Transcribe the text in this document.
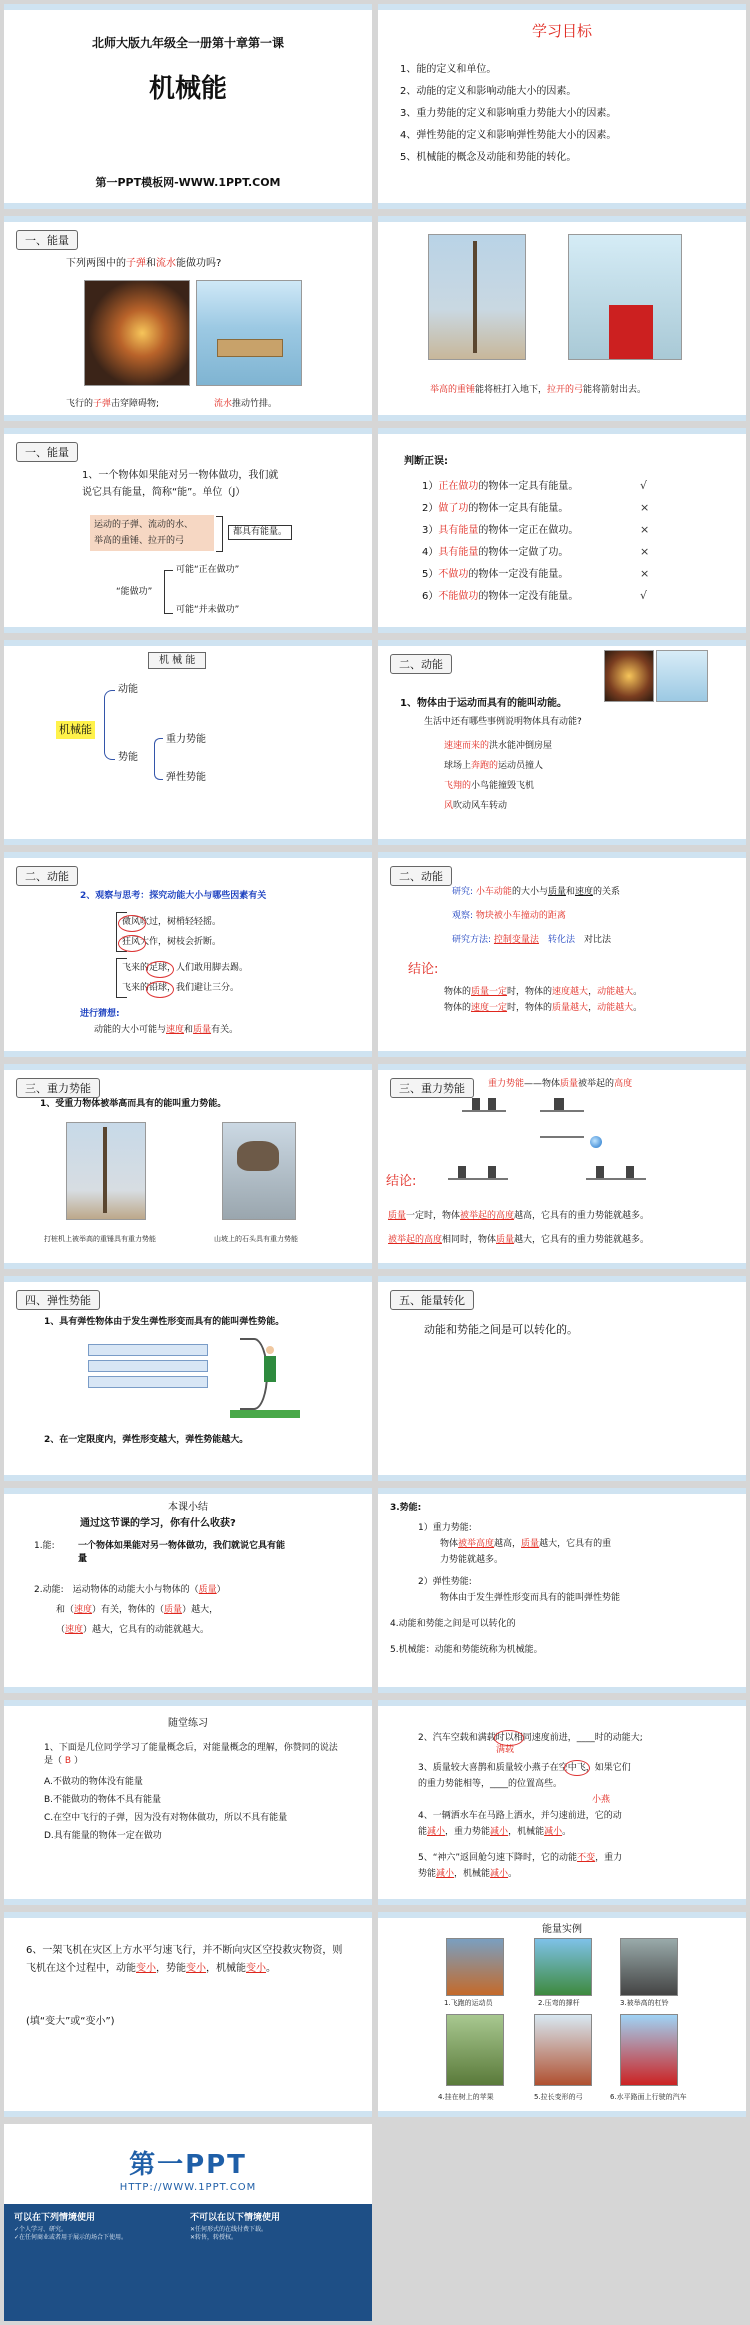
北师大版九年级全一册第十章第一课
机械能
第一PPT模板网-WWW.1PPT.COM
学习目标
1、能的定义和单位。
2、动能的定义和影响动能大小的因素。
3、重力势能的定义和影响重力势能大小的因素。
4、弹性势能的定义和影响弹性势能大小的因素。
5、机械能的概念及动能和势能的转化。
一、能量
下列两图中的子弹和流水能做功吗?
飞行的子弹击穿障碍物;	流水推动竹排。
举高的重锤能将桩打入地下，拉开的弓能将箭射出去。
一、能量
1、一个物体如果能对另一物体做功，我们就
说它具有能量，简称“能”。单位（J）
运动的子弹、流动的水、
举高的重锤、拉开的弓
都具有能量。
“能做功”
可能“正在做功”
可能“并未做功”
判断正误:
1）正在做功的物体一定具有能量。	√
2）做了功的物体一定具有能量。	×
3）具有能量的物体一定正在做功。	×
4）具有能量的物体一定做了功。	×
5）不做功的物体一定没有能量。	×
6）不能做功的物体一定没有能量。	√
机 械 能
机械能
动能
势能
重力势能
弹性势能
二、动能
1、物体由于运动而具有的能叫动能。
生活中还有哪些事例说明物体具有动能?
速速而来的洪水能冲倒房屋
球场上奔跑的运动员撞人
飞翔的小鸟能撞毁飞机
风吹动风车转动
二、动能
2、观察与思考：探究动能大小与哪些因素有关
微风吹过，树梢轻轻摇。
狂风大作，树枝会折断。
飞来的足球，人们敢用脚去踢。
飞来的铅球，我们避让三分。
进行猜想:
动能的大小可能与速度和质量有关。
二、动能
研究: 小车动能的大小与质量和速度的关系
观察: 物块被小车撞动的距离
研究方法: 控制变量法　 转化法　 对比法
结论:
物体的质量一定时，物体的速度越大，动能越大。
物体的速度一定时，物体的质量越大，动能越大。
三、重力势能
1、受重力物体被举高而具有的能叫重力势能。
打桩机上被举高的重锤具有重力势能	山坡上的石头具有重力势能
三、重力势能	重力势能——物体质量被举起的高度
结论:
质量一定时，物体被举起的高度越高，它具有的重力势能就越多。
被举起的高度相同时，物体质量越大，它具有的重力势能就越多。
四、弹性势能
1、具有弹性物体由于发生弹性形变而具有的能叫弹性势能。
2、在一定限度内，弹性形变越大，弹性势能越大。
五、能量转化
动能和势能之间是可以转化的。
本课小结
通过这节课的学习，你有什么收获?
1.能:	一个物体如果能对另一物体做功，我们就说它具有能量
2.动能:　 运动物体的动能大小与物体的（质量）
和（速度）有关，物体的（质量）越大，
（速度）越大，它具有的动能就越大。
3.势能:
1）重力势能:
物体被举高度越高，质量越大，它具有的重
力势能就越多。
2）弹性势能:
物体由于发生弹性形变而具有的能叫弹性势能
4.动能和势能之间是可以转化的
5.机械能：动能和势能统称为机械能。
随堂练习
1、下面是几位同学学习了能量概念后，对能量概念的理解，你赞同的说法是（ B ）
A.不做功的物体没有能量
B.不能做功的物体不具有能量
C.在空中飞行的子弹，因为没有对物体做功，所以不具有能量
D.具有能量的物体一定在做功
2、汽车空载和满载时以相同速度前进，____时的动能大;
满载
3、质量较大喜鹊和质量较小燕子在空中飞，如果它们
的重力势能相等，____的位置高些。
小燕
4、一辆洒水车在马路上洒水，并匀速前进，它的动
能减小，重力势能减小，机械能减小。
5、“神六”返回舱匀速下降时，它的动能不变，重力
势能减小，机械能减小。
6、一架飞机在灾区上方水平匀速飞行，并不断向灾区空投救灾物资，则飞机在这个过程中，动能变小，势能变小，机械能变小。
(填“变大”或“变小”)
能量实例
1.飞跑的运动员	2.压弯的撑杆	3.被举高的杠铃
4.挂在树上的苹果	5.拉长变形的弓	6.水平路面上行驶的汽车
第一PPT
HTTP://WWW.1PPT.COM
可以在下列情境使用	不可以在以下情境使用
✓个人学习、研究。
✓在任何商业或者用于展示的场合下使用。
✕任何形式的在线付费下载。
✕转售，转授权。
